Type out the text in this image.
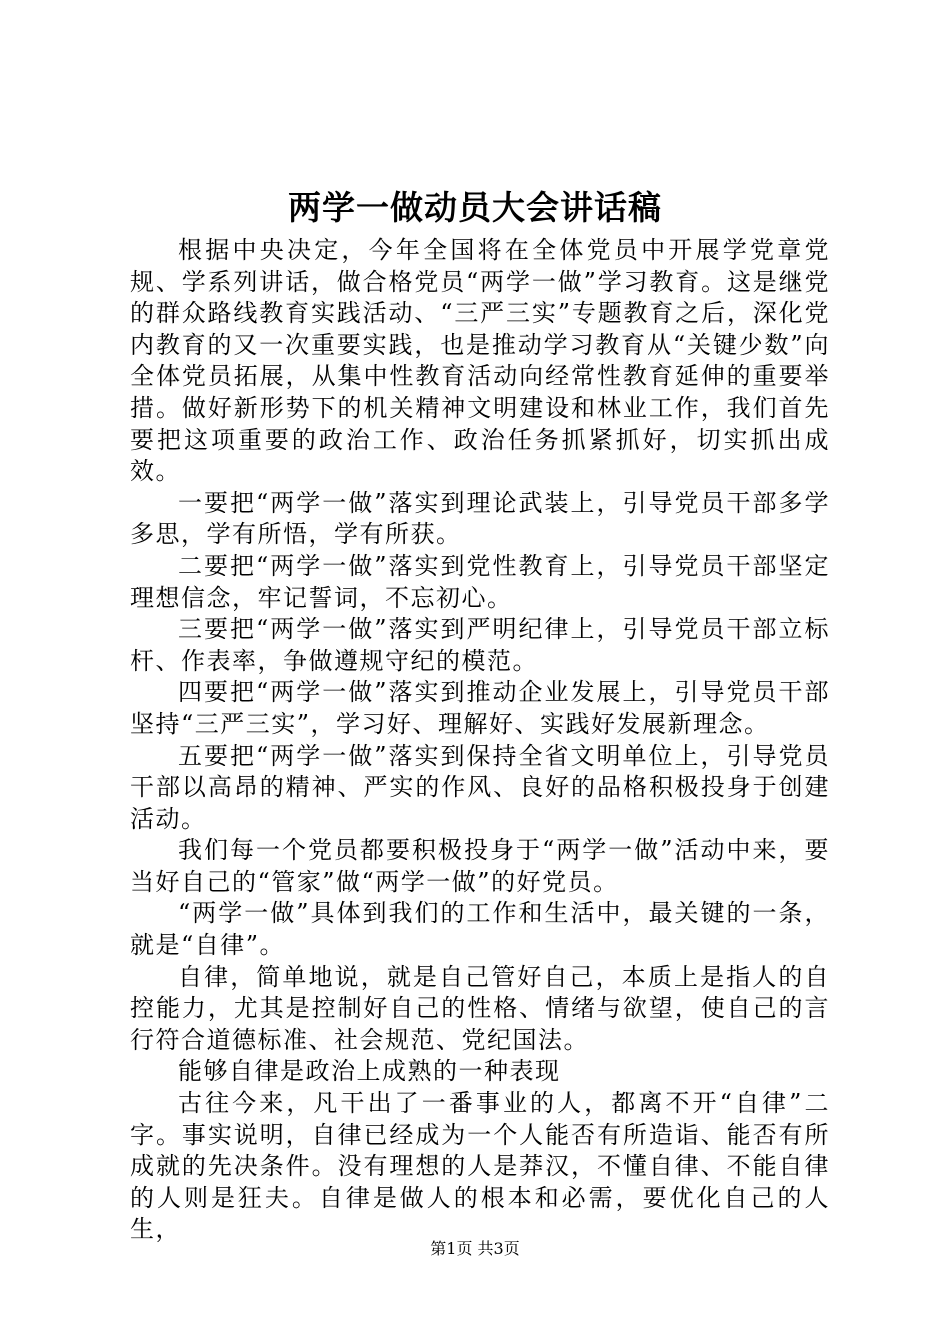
两学一做动员大会讲话稿

根据中央决定，今年全国将在全体党员中开展学党章党规、学系列讲话，做合格党员“两学一做”学习教育。这是继党的群众路线教育实践活动、“三严三实”专题教育之后，深化党内教育的又一次重要实践，也是推动学习教育从“关键少数”向全体党员拓展，从集中性教育活动向经常性教育延伸的重要举措。做好新形势下的机关精神文明建设和林业工作，我们首先要把这项重要的政治工作、政治任务抓紧抓好，切实抓出成效。

一要把“两学一做”落实到理论武装上，引导党员干部多学多思，学有所悟，学有所获。

二要把“两学一做”落实到党性教育上，引导党员干部坚定理想信念，牢记誓词，不忘初心。

三要把“两学一做”落实到严明纪律上，引导党员干部立标杆、作表率，争做遵规守纪的模范。

四要把“两学一做”落实到推动企业发展上，引导党员干部坚持“三严三实”，学习好、理解好、实践好发展新理念。

五要把“两学一做”落实到保持全省文明单位上，引导党员干部以高昂的精神、严实的作风、良好的品格积极投身于创建活动。

我们每一个党员都要积极投身于“两学一做”活动中来，要当好自己的“管家”做“两学一做”的好党员。

“两学一做”具体到我们的工作和生活中，最关键的一条，就是“自律”。

自律，简单地说，就是自己管好自己，本质上是指人的自控能力，尤其是控制好自己的性格、情绪与欲望，使自己的言行符合道德标准、社会规范、党纪国法。

能够自律是政治上成熟的一种表现

古往今来，凡干出了一番事业的人，都离不开“自律”二字。事实说明，自律已经成为一个人能否有所造诣、能否有所成就的先决条件。没有理想的人是莽汉，不懂自律、不能自律的人则是狂夫。自律是做人的根本和必需，要优化自己的人生，

第1页 共3页
